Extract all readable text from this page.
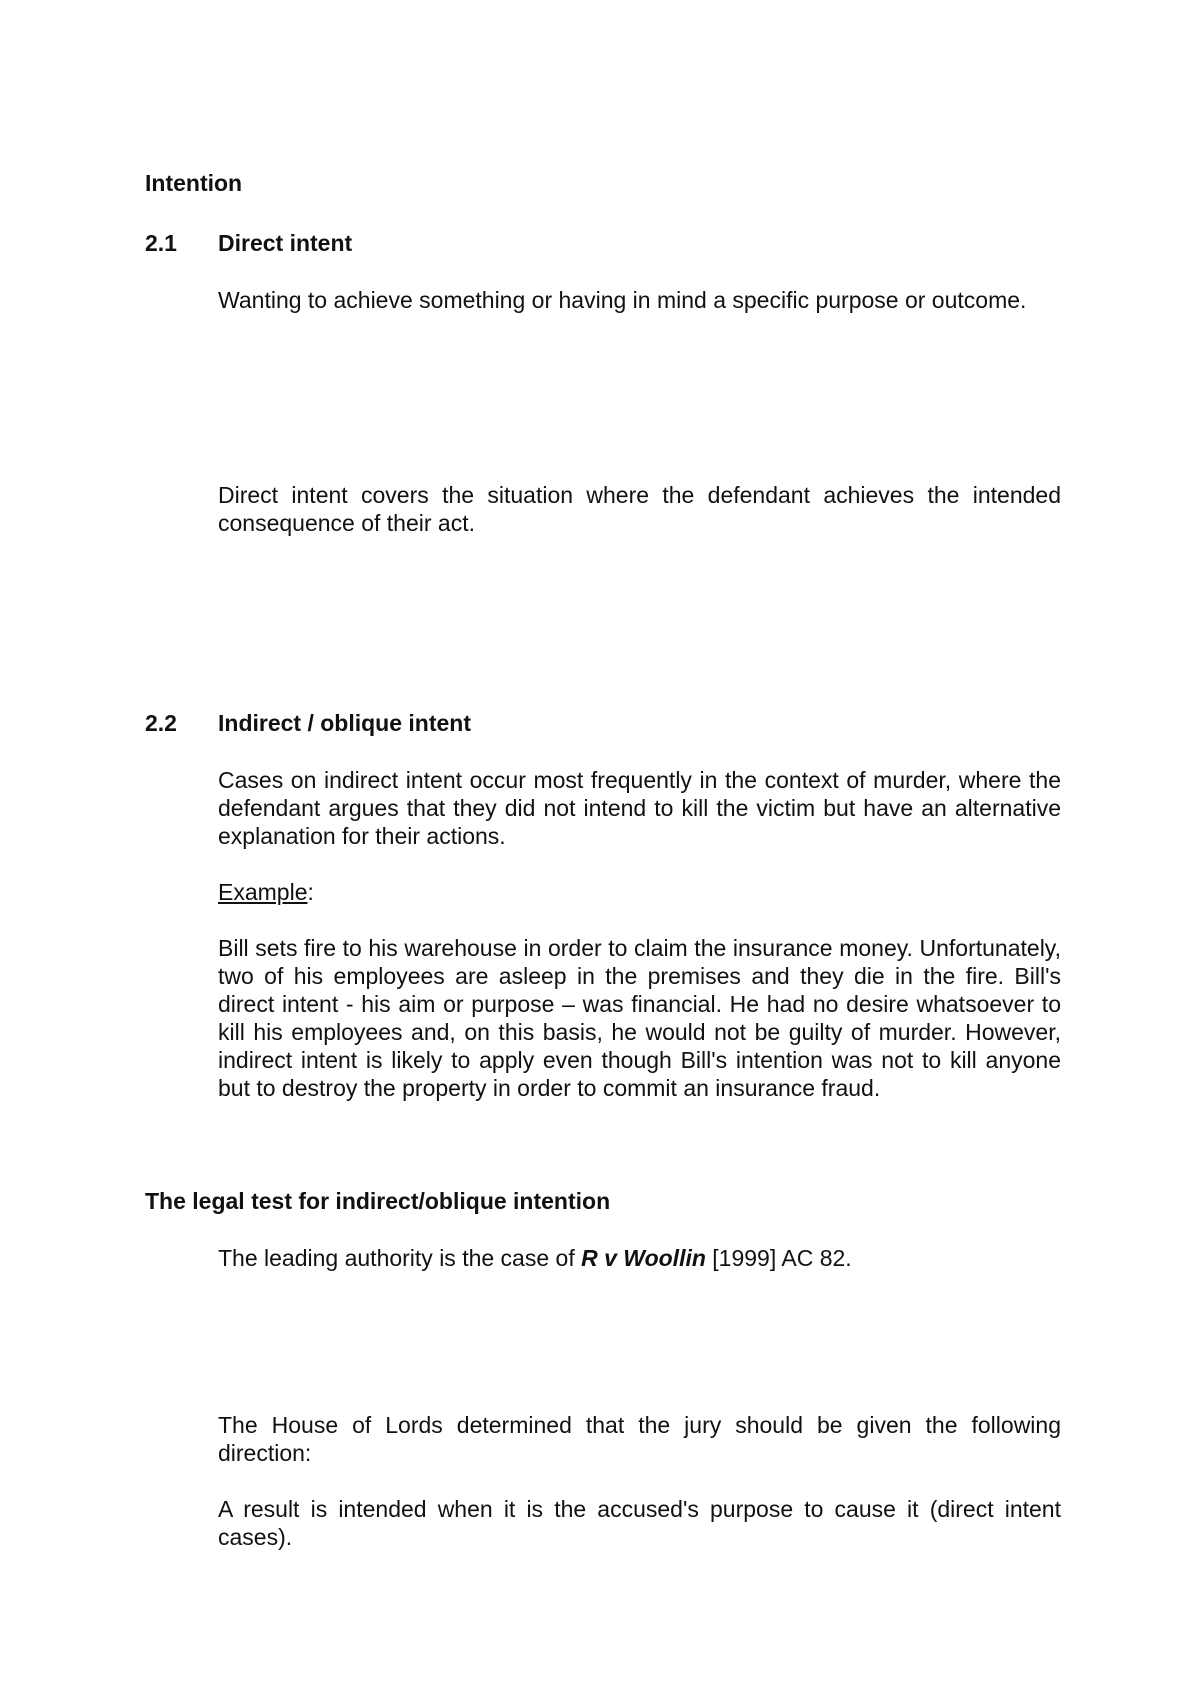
Intention
2.1 Direct intent
Wanting to achieve something or having in mind a specific purpose or outcome.
Direct intent covers the situation where the defendant achieves the intended consequence of their act.
2.2 Indirect / oblique intent
Cases on indirect intent occur most frequently in the context of murder, where the defendant argues that they did not intend to kill the victim but have an alternative explanation for their actions.
Example:
Bill sets fire to his warehouse in order to claim the insurance money. Unfortunately, two of his employees are asleep in the premises and they die in the fire. Bill's direct intent - his aim or purpose – was financial. He had no desire whatsoever to kill his employees and, on this basis, he would not be guilty of murder. However, indirect intent is likely to apply even though Bill's intention was not to kill anyone but to destroy the property in order to commit an insurance fraud.
The legal test for indirect/oblique intention
The leading authority is the case of R v Woollin [1999] AC 82.
The House of Lords determined that the jury should be given the following direction:
A result is intended when it is the accused's purpose to cause it (direct intent cases).
